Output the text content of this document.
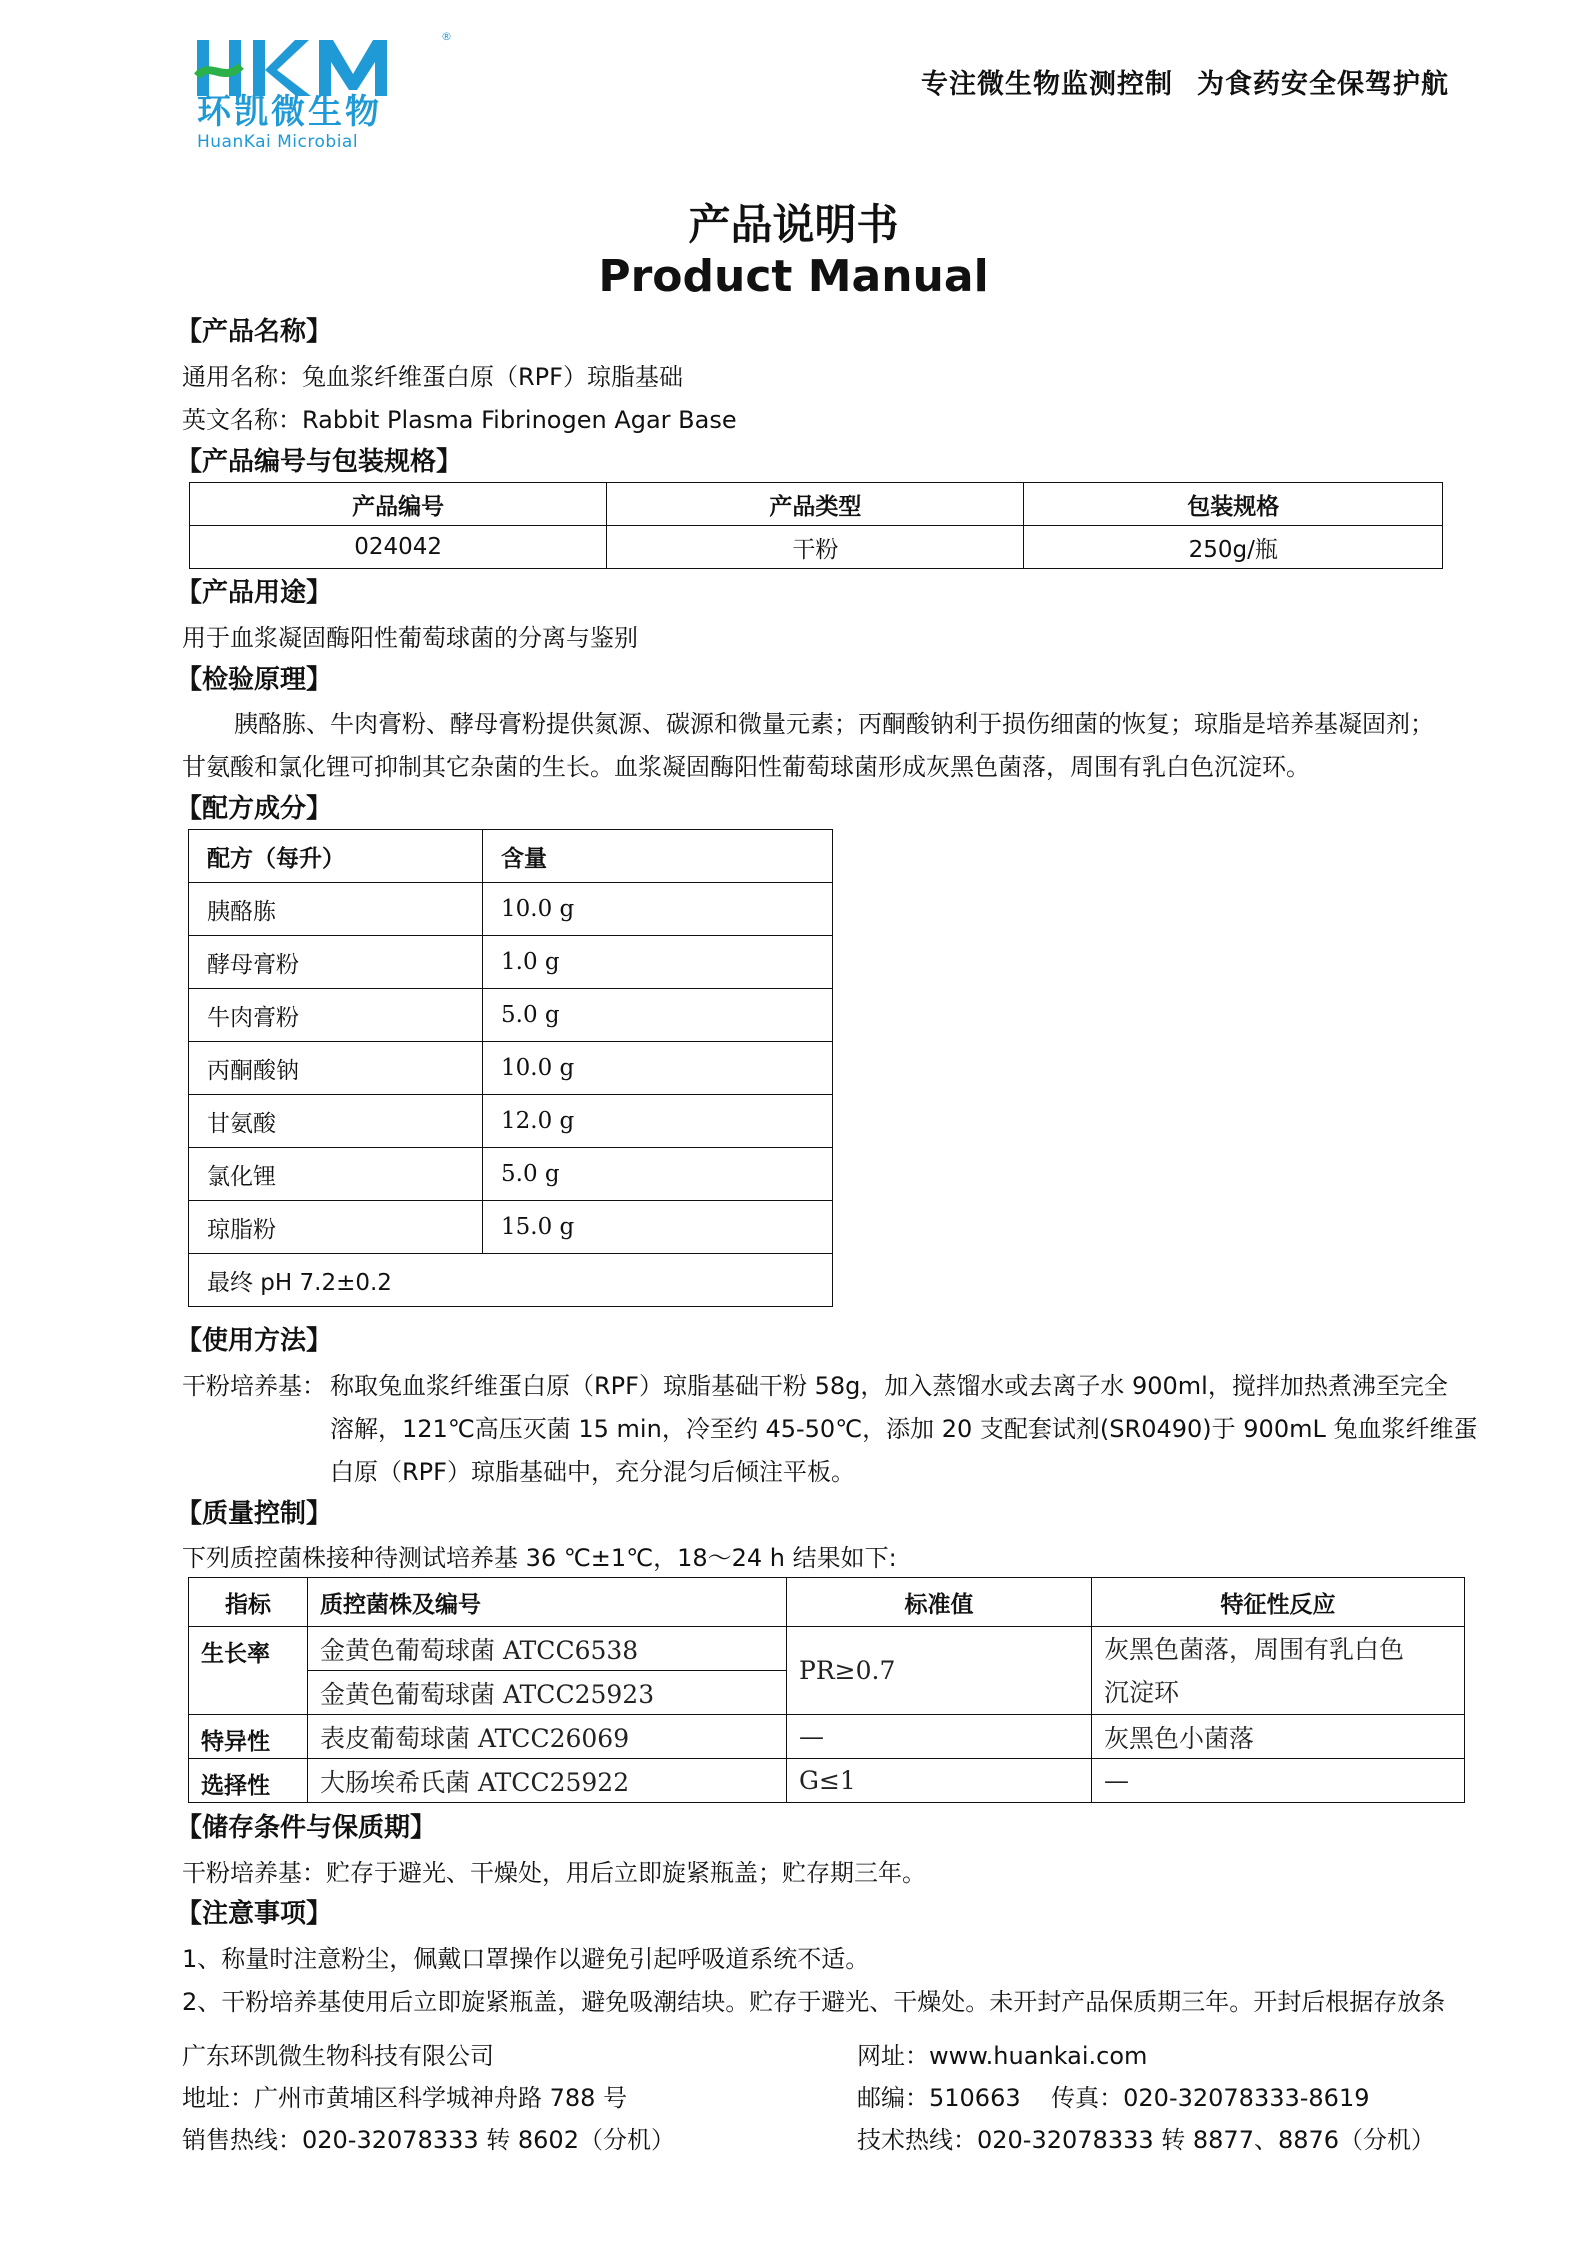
®
环凯微生物
HuanKai Microbial
专注微生物监测控制 为食药安全保驾护航
产品说明书
Product Manual
【产品名称】
通用名称：兔血浆纤维蛋白原（RPF）琼脂基础
英文名称：Rabbit Plasma Fibrinogen Agar Base
【产品编号与包装规格】
产品编号	产品类型	包装规格
024042	干粉	250g/瓶
【产品用途】
用于血浆凝固酶阳性葡萄球菌的分离与鉴别
【检验原理】
胰酪胨、牛肉膏粉、酵母膏粉提供氮源、碳源和微量元素；丙酮酸钠利于损伤细菌的恢复；琼脂是培养基凝固剂；
甘氨酸和氯化锂可抑制其它杂菌的生长。血浆凝固酶阳性葡萄球菌形成灰黑色菌落，周围有乳白色沉淀环。
【配方成分】
配方（每升）	含量
胰酪胨	10.0 g
酵母膏粉	1.0 g
牛肉膏粉	5.0 g
丙酮酸钠	10.0 g
甘氨酸	12.0 g
氯化锂	5.0 g
琼脂粉	15.0 g
最终 pH 7.2±0.2	
【使用方法】
干粉培养基： 称取兔血浆纤维蛋白原（RPF）琼脂基础干粉 58g，加入蒸馏水或去离子水 900ml，搅拌加热煮沸至完全
溶解，121℃高压灭菌 15 min，冷至约 45-50℃，添加 20 支配套试剂(SR0490)于 900mL 兔血浆纤维蛋
白原（RPF）琼脂基础中，充分混匀后倾注平板。
【质量控制】
下列质控菌株接种待测试培养基 36 ℃±1℃，18～24 h 结果如下:
指标	质控菌株及编号	标准值	特征性反应
生长率	金黄色葡萄球菌 ATCC6538	PR≥0.7	灰黑色菌落，周围有乳白色
沉淀环
	金黄色葡萄球菌 ATCC25923		
特异性	表皮葡萄球菌 ATCC26069	—	灰黑色小菌落
选择性	大肠埃希氏菌 ATCC25922	G≤1	—
【储存条件与保质期】
干粉培养基：贮存于避光、干燥处，用后立即旋紧瓶盖；贮存期三年。
【注意事项】
1、称量时注意粉尘，佩戴口罩操作以避免引起呼吸道系统不适。
2、干粉培养基使用后立即旋紧瓶盖，避免吸潮结块。贮存于避光、干燥处。未开封产品保质期三年。开封后根据存放条
广东环凯微生物科技有限公司
地址：广州市黄埔区科学城神舟路 788 号
销售热线：020-32078333 转 8602（分机）
网址：www.huankai.com
邮编：510663    传真：020-32078333-8619
技术热线：020-32078333 转 8877、8876（分机）
